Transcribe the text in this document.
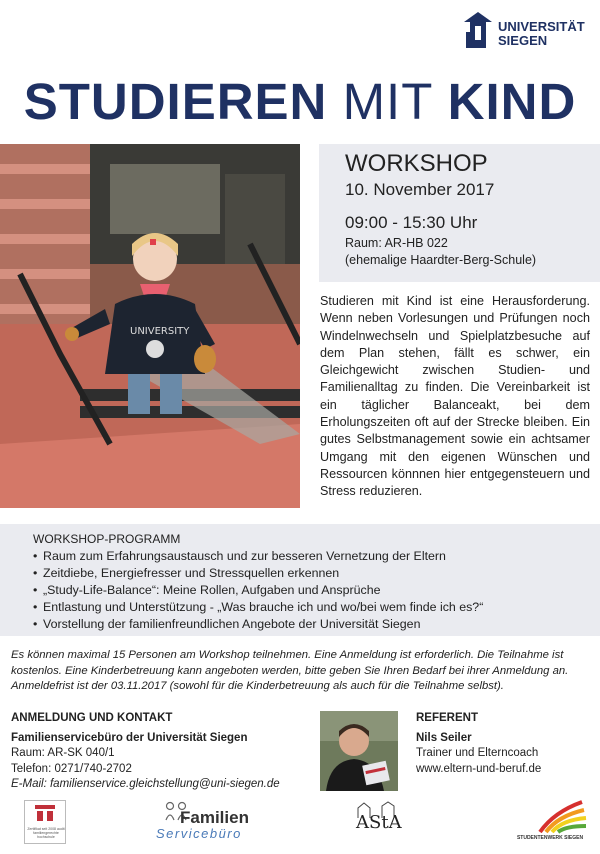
UNIVERSITÄT
SIEGEN
STUDIEREN MIT KIND
UNIVERSITY
WORKSHOP
10. November 2017
09:00 - 15:30 Uhr
Raum: AR-HB 022
(ehemalige Haardter-Berg-Schule)

Studieren mit Kind ist eine Herausforderung. Wenn neben Vorlesungen und Prüfungen noch Windelnwechseln und Spielplatzbesuche auf dem Plan stehen, fällt es schwer, ein Gleichgewicht zwischen Studien- und Familienalltag zu finden. Die Vereinbarkeit ist ein täglicher Balanceakt, bei dem Erholungszeiten oft auf der Strecke bleiben. Ein gutes Selbstmanagement sowie ein achtsamer Umgang mit den eigenen Wünschen und Ressourcen könnnen hier entgegensteuern und Stress reduzieren.

WORKSHOP-PROGRAMM
• Raum zum Erfahrungsaustausch und zur besseren Vernetzung der Eltern
• Zeitdiebe, Energiefresser und Stressquellen erkennen
• „Study-Life-Balance“: Meine Rollen, Aufgaben und Ansprüche
• Entlastung und Unterstützung - „Was brauche ich und wo/bei wem finde ich es?“
• Vorstellung der familienfreundlichen Angebote der Universität Siegen

Es können maximal 15 Personen am Workshop teilnehmen. Eine Anmeldung ist erforderlich. Die Teilnahme ist kostenlos. Eine Kinderbetreuung kann angeboten werden, bitte geben Sie Ihren Bedarf bei ihrer Anmeldung an. Anmeldefrist ist der 03.11.2017 (sowohl für die Kinderbetreuung als auch für die Teilnahme selbst).

ANMELDUNG UND KONTAKT
Familienservicebüro der Universität Siegen
Raum: AR-SK 040/1
Telefon: 0271/740-2702
E-Mail: familienservice.gleichstellung@uni-siegen.de
REFERENT
Nils Seiler
Trainer und Elterncoach
www.eltern-und-beruf.de
Zertifikat seit 2008 audit familiengerechte hochschule
Familien
Servicebüro
AStA
STUDENTENWERK SIEGEN
